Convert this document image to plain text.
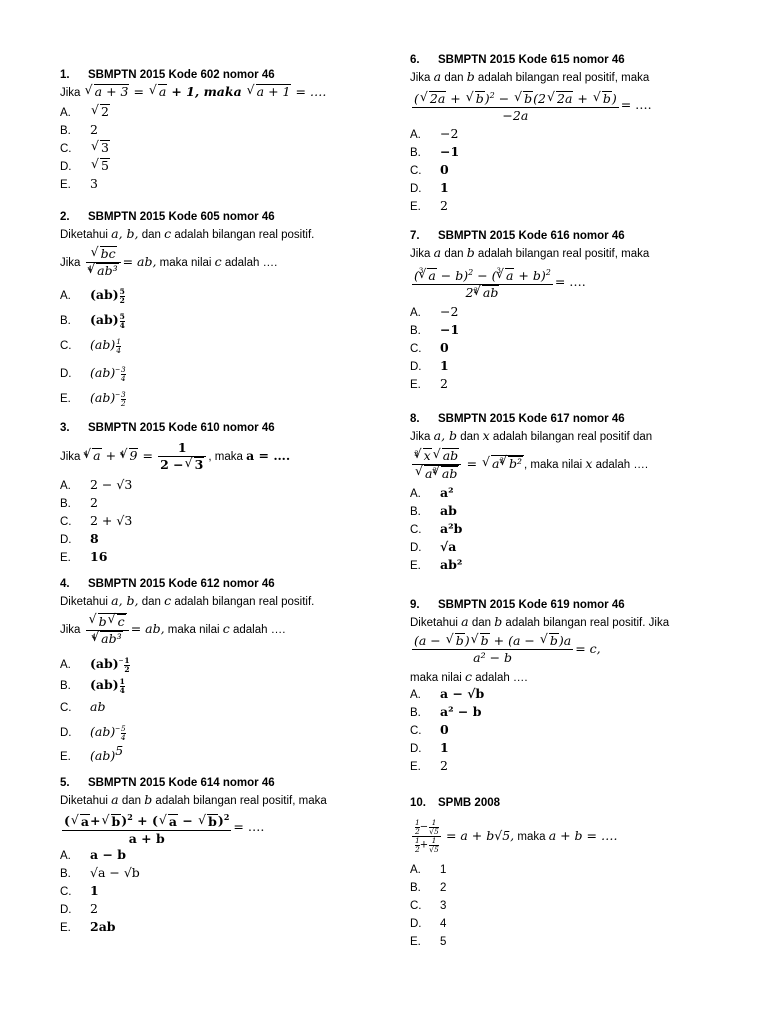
1. SBMPTN 2015 Kode 602 nomor 46
Jika √ a + 3 = √ a + 1, maka √ a + 1 = ….
A.√ 2
B. 2
C.√ 3
D.√ 5
E. 3
2. SBMPTN 2015 Kode 605 nomor 46
Diketahui a, b, dan c adalah bilangan real positif.
Jika
√ $\frac{bc}{^4√ ab^3}$ = ab, maka nilai c adalah ….
A. $(ab) \frac{5}{2}$
B. $(ab) \frac{5}{4}$
C. $(ab) \frac{1}{4}$
D. $(ab)^- \frac{3}{4}$
E. $(ab)^- \frac{3}{2}$
3. SBMPTN 2015 Kode 610 nomor 46
Jika $^4$√ a + $^4$√ $9 = \frac{1}{2 -√ 3}$ , maka a = ….
A. 2 − √3
B. 2
C. 2 + √3
D. 8
E. 16
4. SBMPTN 2015 Kode 612 nomor 46
Diketahui a, b, dan c adalah bilangan real positif.
Jika
√ $\frac{b√ c}{^4√ ab^3}$ = ab, maka nilai c adalah ….
A. $(ab)^- \frac{1}{2}$
B. $(ab) \frac{1}{4}$
C. ab
D. $(ab)^- \frac{5}{4}$
E. (ab)$^5$
5. SBMPTN 2015 Kode 614 nomor 46
Diketahui a dan b adalah bilangan real positif, maka
$\frac{(√ a+√ b)^2 + (√ a - √ b)^2}{a + b}$ = ….
A. a − b
B. √a − √b
C. 1
D. 2
E. 2ab
6. SBMPTN 2015 Kode 615 nomor 46
Jika a dan b adalah bilangan real positif, maka
$\frac{(√ 2a + √ b)^2 - √ b(2√ 2a + √ b)}{-2a}$ = ….
A. −2
B. −1
C. 0
D. 1
E. 2
7. SBMPTN 2015 Kode 616 nomor 46
Jika a dan b adalah bilangan real positif, maka
$\frac{(^3√ a - b)^2 - (^3√ a + b)^2}{2^3√ ab}$ = ….
A. −2
B. −1
C. 0
D. 1
E. 2
8. SBMPTN 2015 Kode 617 nomor 46
Jika a, b dan x adalah bilangan real positif dan
$^3$√ x√ ab
√ $a^3√$ ab = √ $a^3√$ b² , maka nilai x adalah ….
A. a²
B. ab
C. a²b
D. √a
E. ab²
9. SBMPTN 2015 Kode 619 nomor 46
Diketahui a dan b adalah bilangan real positif. Jika
$\frac{(a - √ b)√ b + (a - √ b)a}{\text{a² − b}} = c$,
maka nilai c adalah ….
A. a − √b
B. a² − b
C. 0
D. 1
E. 2
10. SPMB 2008
$\frac{\frac{1}{2} - \frac{1}{√5}}{\frac{1}{2} + \frac{1}{√5}} = a + b√5$, maka a + b = ….
A. 1
B. 2
C. 3
D. 4
E. 5
